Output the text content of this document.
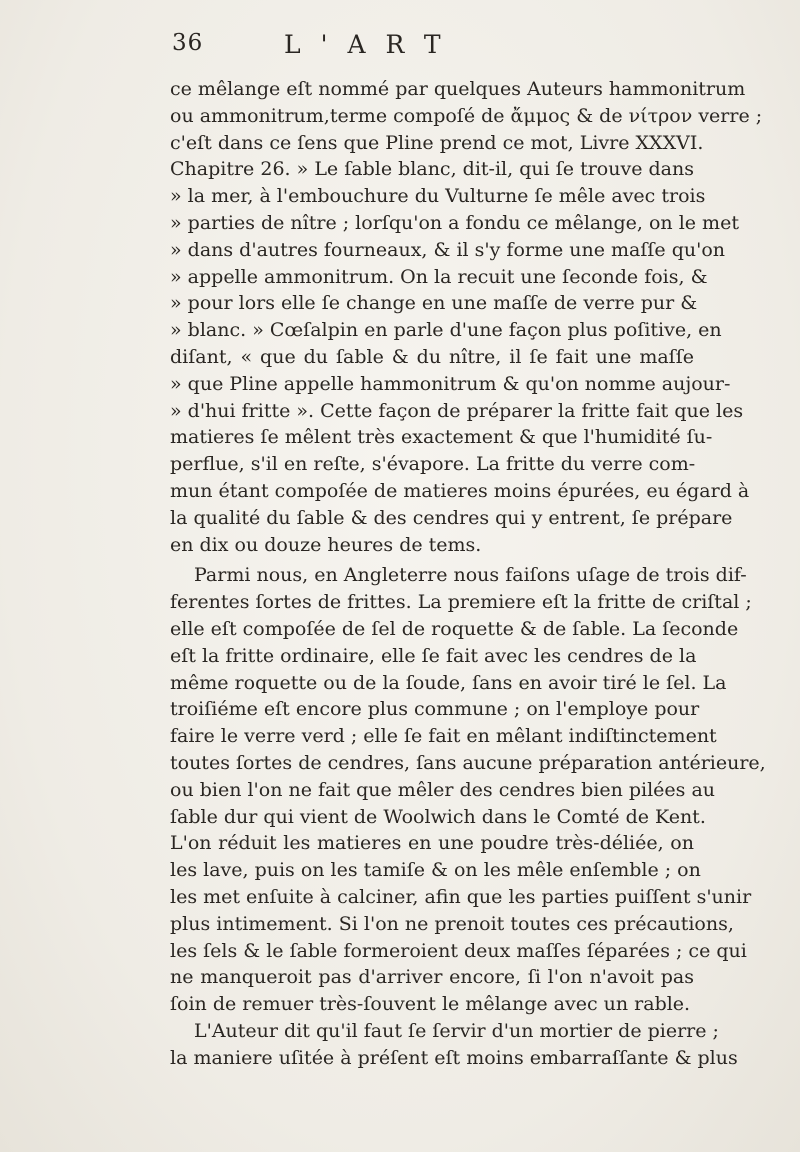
36	L'ART
ce mêlange eſt nommé par quelques Auteurs hammonitrum
ou ammonitrum,terme compoſé de ἄμμος & de νίτρον verre ;
c'eſt dans ce ſens que Pline prend ce mot, Livre XXXVI.
Chapitre 26. » Le ſable blanc, dit-il, qui ſe trouve dans
» la mer, à l'embouchure du Vulturne ſe mêle avec trois
» parties de nître ; lorſqu'on a fondu ce mêlange, on le met
» dans d'autres fourneaux, & il s'y forme une maſſe qu'on
» appelle ammonitrum. On la recuit une ſeconde fois, &
» pour lors elle ſe change en une maſſe de verre pur &
» blanc. » Cœſalpin en parle d'une façon plus poſitive, en
diſant, « que du ſable & du nître, il ſe fait une maſſe
» que Pline appelle hammonitrum & qu'on nomme aujour-
» d'hui fritte ». Cette façon de préparer la fritte fait que les
matieres ſe mêlent très exactement & que l'humidité ſu-
perflue, s'il en reſte, s'évapore. La fritte du verre com-
mun étant compoſée de matieres moins épurées, eu égard à
la qualité du ſable & des cendres qui y entrent, ſe prépare
en dix ou douze heures de tems.
Parmi nous, en Angleterre nous faiſons uſage de trois dif-
ferentes ſortes de frittes. La premiere eſt la fritte de criſtal ;
elle eſt compoſée de ſel de roquette & de ſable. La ſeconde
eſt la fritte ordinaire, elle ſe fait avec les cendres de la
même roquette ou de la ſoude, ſans en avoir tiré le ſel. La
troiſiéme eſt encore plus commune ; on l'employe pour
faire le verre verd ; elle ſe fait en mêlant indiſtinctement
toutes ſortes de cendres, ſans aucune préparation antérieure,
ou bien l'on ne fait que mêler des cendres bien pilées au
ſable dur qui vient de Woolwich dans le Comté de Kent.
L'on réduit les matieres en une poudre très-déliée, on
les lave, puis on les tamiſe & on les mêle enſemble ; on
les met enſuite à calciner, afin que les parties puiſſent s'unir
plus intimement. Si l'on ne prenoit toutes ces précautions,
les ſels & le ſable formeroient deux maſſes ſéparées ; ce qui
ne manqueroit pas d'arriver encore, ſi l'on n'avoit pas
ſoin de remuer très-ſouvent le mêlange avec un rable.
L'Auteur dit qu'il faut ſe ſervir d'un mortier de pierre ;
la maniere uſitée à préſent eſt moins embarraſſante & plus
